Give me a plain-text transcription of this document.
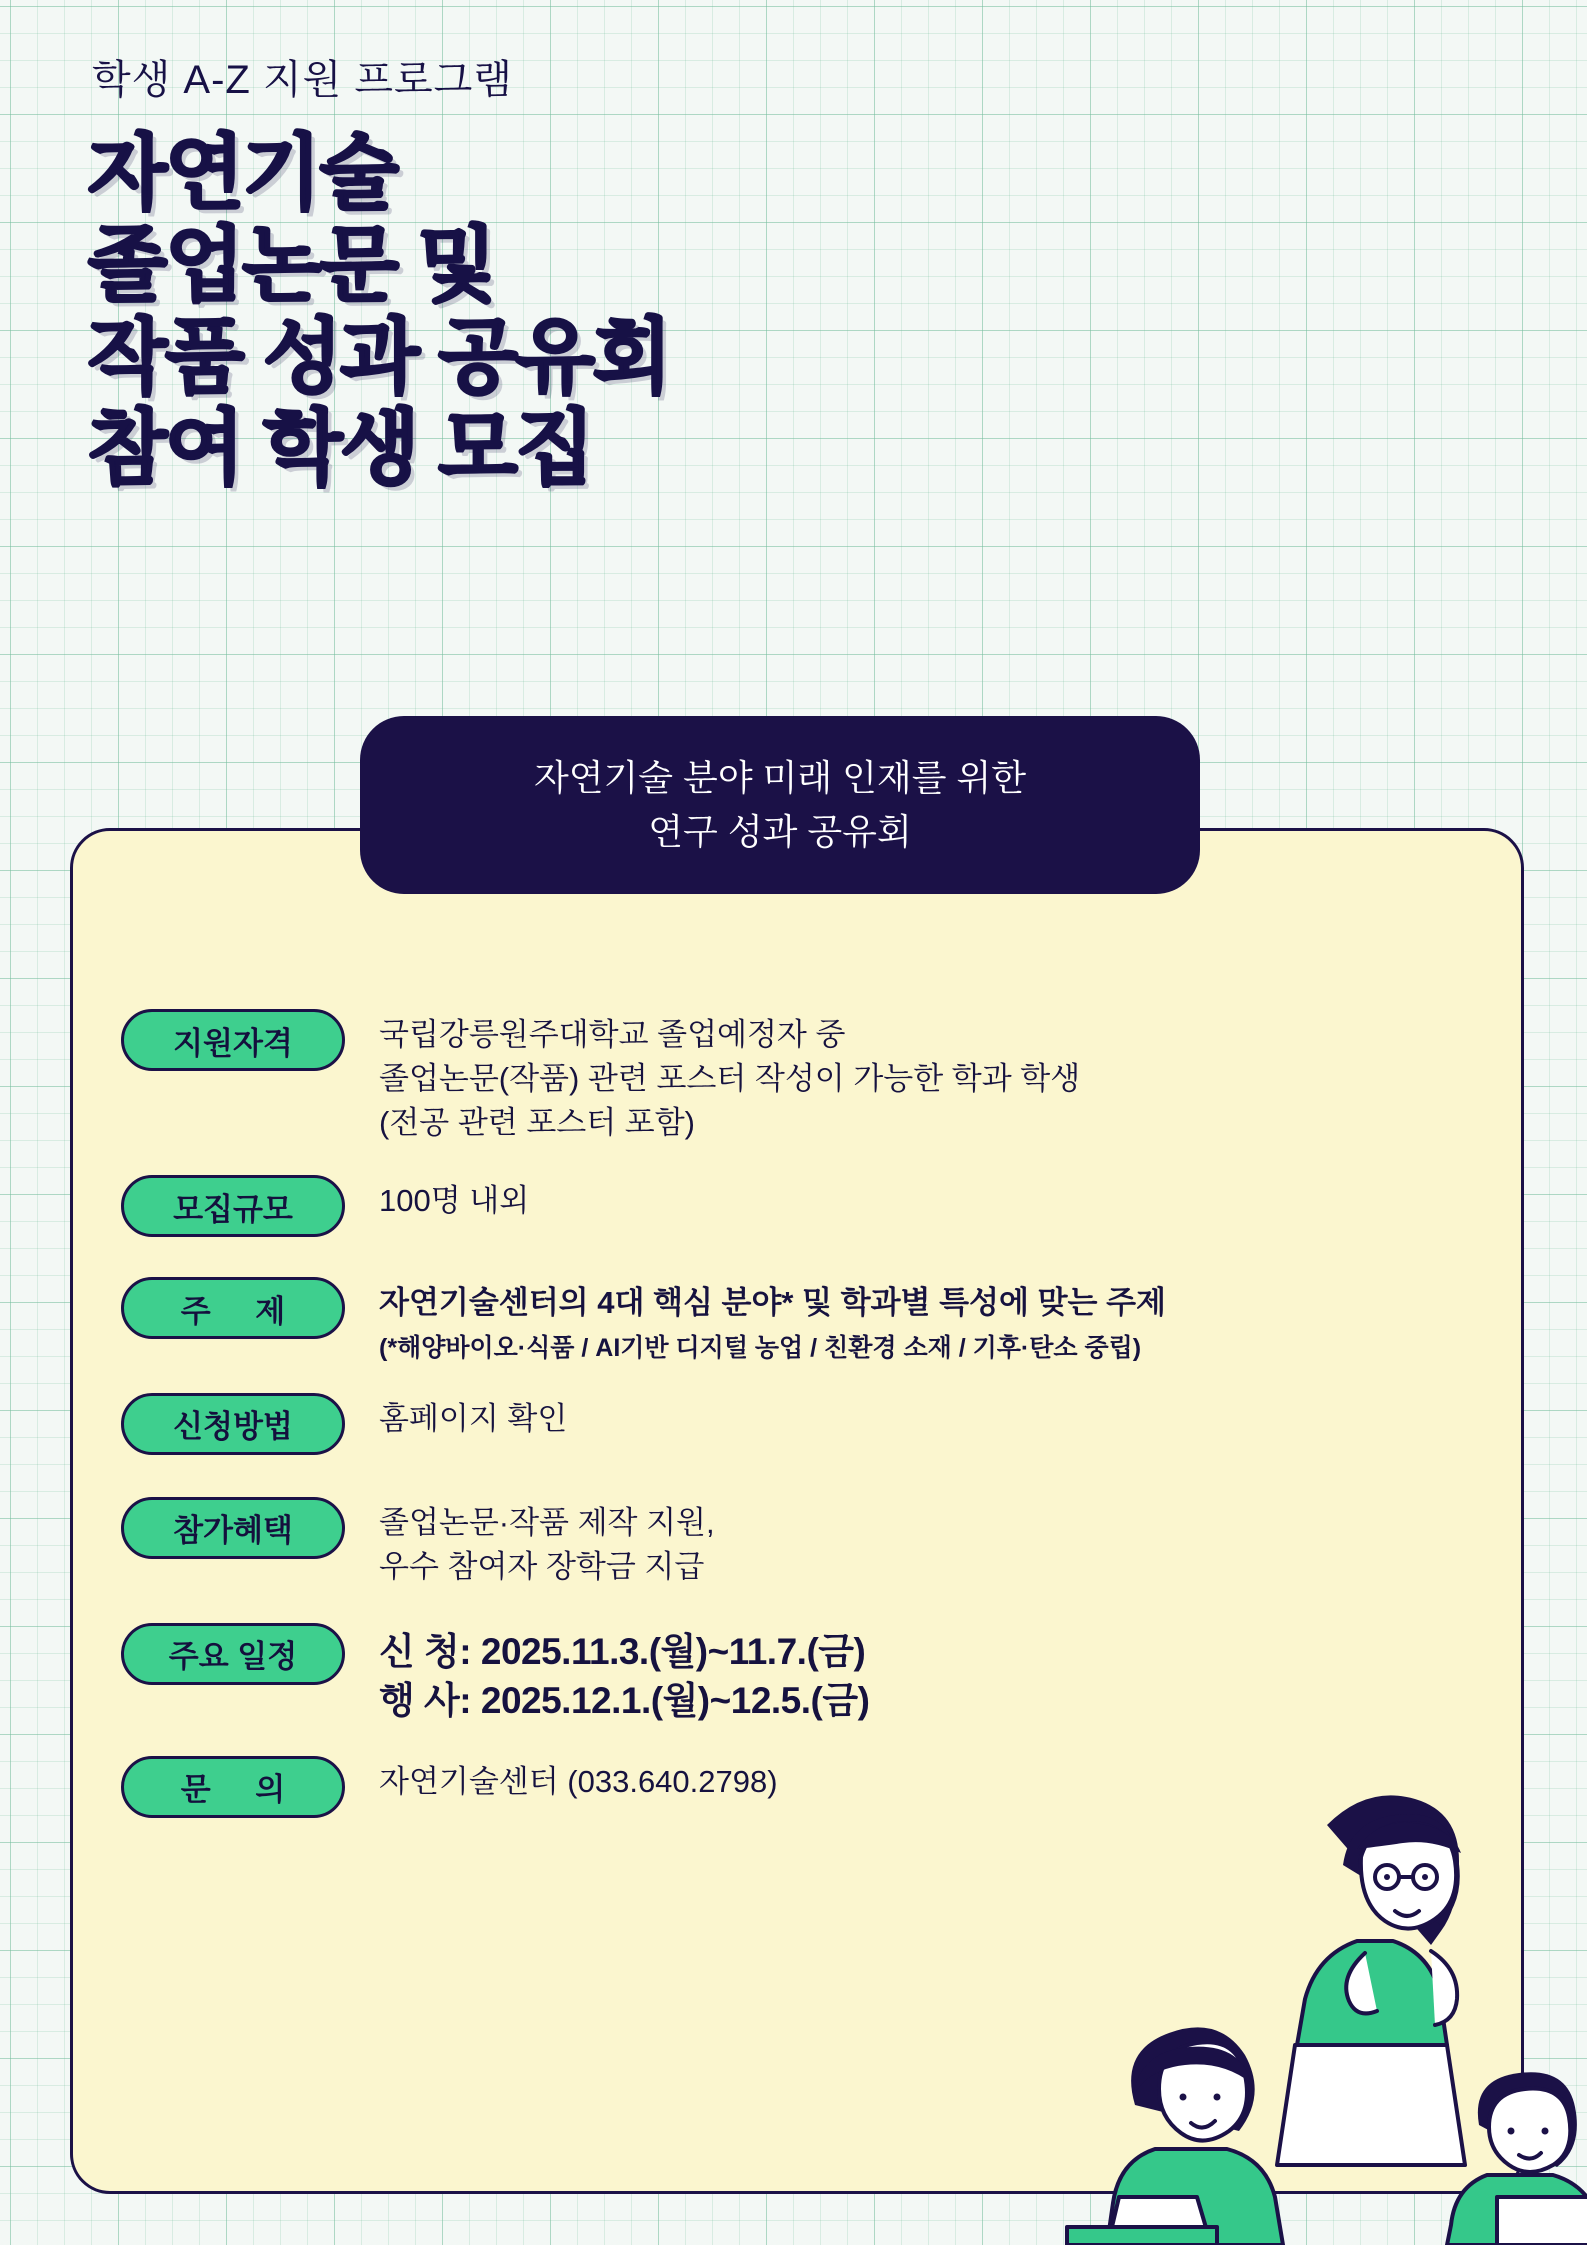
학생 A-Z 지원 프로그램
자연기술
졸업논문 및
작품 성과 공유회
참여 학생 모집
자연기술 분야 미래 인재를 위한
연구 성과 공유회
지원자격	국립강릉원주대학교 졸업예정자 중
졸업논문(작품) 관련 포스터 작성이 가능한 학과 학생
(전공 관련 포스터 포함)
모집규모	100명 내외
주 제	자연기술센터의 4대 핵심 분야* 및 학과별 특성에 맞는 주제
(*해양바이오·식품 / AI기반 디지털 농업 / 친환경 소재 / 기후·탄소 중립)
신청방법	홈페이지 확인
참가혜택	졸업논문·작품 제작 지원,
우수 참여자 장학금 지급
주요 일정	신 청: 2025.11.3.(월)~11.7.(금)
행 사: 2025.12.1.(월)~12.5.(금)
문 의	자연기술센터 (033.640.2798)
